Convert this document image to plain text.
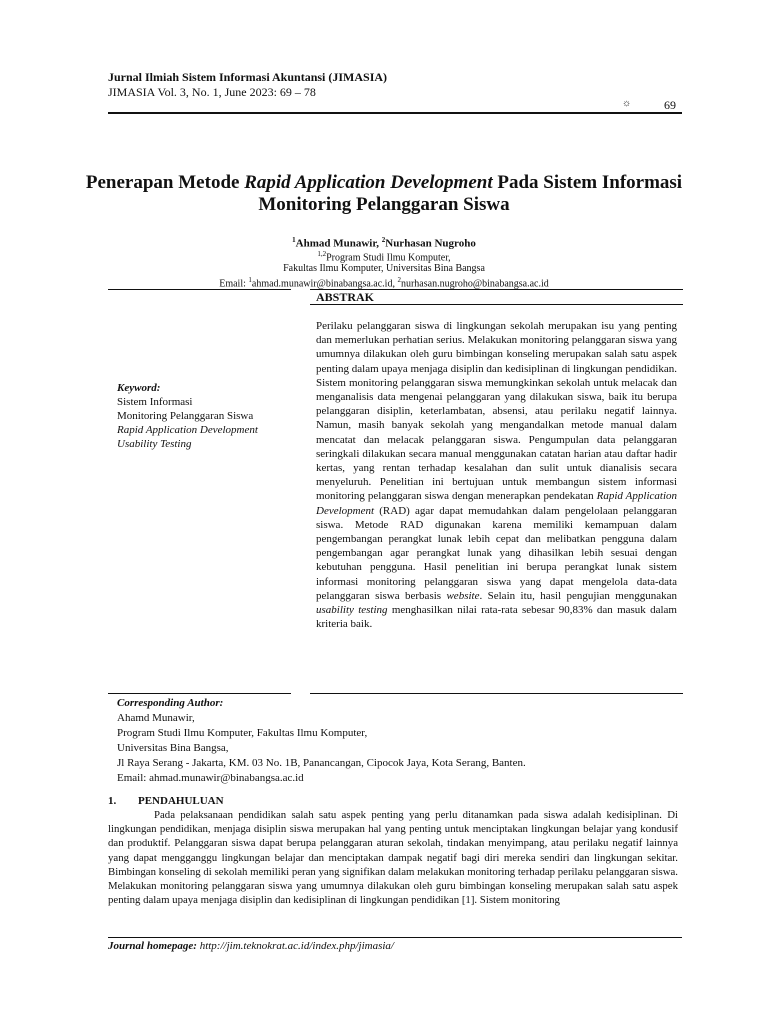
Jurnal Ilmiah Sistem Informasi Akuntansi (JIMASIA)
JIMASIA Vol. 3, No. 1, June 2023: 69 – 78
☼	69
Penerapan Metode Rapid Application Development Pada Sistem Informasi Monitoring Pelanggaran Siswa
$^1$Ahmad Munawir, $^2$Nurhasan Nugroho
$^{1,2}$Program Studi Ilmu Komputer,
Fakultas Ilmu Komputer, Universitas Bina Bangsa
Email: $^1$ahmad.munawir@binabangsa.ac.id, $^2$nurhasan.nugroho@binabangsa.ac.id
ABSTRAK
Keyword:
Sistem Informasi
Monitoring Pelanggaran Siswa
Rapid Application Development
Usability Testing

Perilaku pelanggaran siswa di lingkungan sekolah merupakan isu yang penting dan memerlukan perhatian serius. Melakukan monitoring pelanggaran siswa yang umumnya dilakukan oleh guru bimbingan konseling merupakan salah satu aspek penting dalam upaya menjaga disiplin dan kedisiplinan di lingkungan pendidikan. Sistem monitoring pelanggaran siswa memungkinkan sekolah untuk melacak dan menganalisis data mengenai pelanggaran yang dilakukan siswa, baik itu berupa pelanggaran disiplin, keterlambatan, absensi, atau perilaku negatif lainnya. Namun, masih banyak sekolah yang mengandalkan metode manual dalam mencatat dan melacak pelanggaran siswa. Pengumpulan data pelanggaran seringkali dilakukan secara manual menggunakan catatan harian atau daftar hadir kertas, yang rentan terhadap kesalahan dan sulit untuk dianalisis secara menyeluruh. Penelitian ini bertujuan untuk membangun sistem informasi monitoring pelanggaran siswa dengan menerapkan pendekatan Rapid Application Development (RAD) agar dapat memudahkan dalam pengelolaan pelanggaran siswa. Metode RAD digunakan karena memiliki kemampuan dalam pengembangan perangkat lunak lebih cepat dan melibatkan pengguna dalam pengembangan agar perangkat lunak yang dihasilkan lebih sesuai dengan kebutuhan pengguna. Hasil penelitian ini berupa perangkat lunak sistem informasi monitoring pelanggaran siswa yang dapat mengelola data-data pelanggaran siswa berbasis website. Selain itu, hasil pengujian menggunakan usability testing menghasilkan nilai rata-rata sebesar 90,83% dan masuk dalam kriteria baik.

Corresponding Author:
Ahamd Munawir,
Program Studi Ilmu Komputer, Fakultas Ilmu Komputer,
Universitas Bina Bangsa,
Jl Raya Serang - Jakarta, KM. 03 No. 1B, Panancangan, Cipocok Jaya, Kota Serang, Banten.
Email: ahmad.munawir@binabangsa.ac.id
1. PENDAHULUAN

Pada pelaksanaan pendidikan salah satu aspek penting yang perlu ditanamkan pada siswa adalah kedisiplinan. Di lingkungan pendidikan, menjaga disiplin siswa merupakan hal yang penting untuk menciptakan lingkungan belajar yang kondusif dan produktif. Pelanggaran siswa dapat berupa pelanggaran aturan sekolah, tindakan menyimpang, atau perilaku negatif lainnya yang dapat mengganggu lingkungan belajar dan menciptakan dampak negatif bagi diri mereka sendiri dan lingkungan sekitar. Bimbingan konseling di sekolah memiliki peran yang signifikan dalam melakukan monitoring terhadap perilaku pelanggaran siswa. Melakukan monitoring pelanggaran siswa yang umumnya dilakukan oleh guru bimbingan konseling merupakan salah satu aspek penting dalam upaya menjaga disiplin dan kedisiplinan di lingkungan pendidikan [1]. Sistem monitoring

Journal homepage: http://jim.teknokrat.ac.id/index.php/jimasia/
